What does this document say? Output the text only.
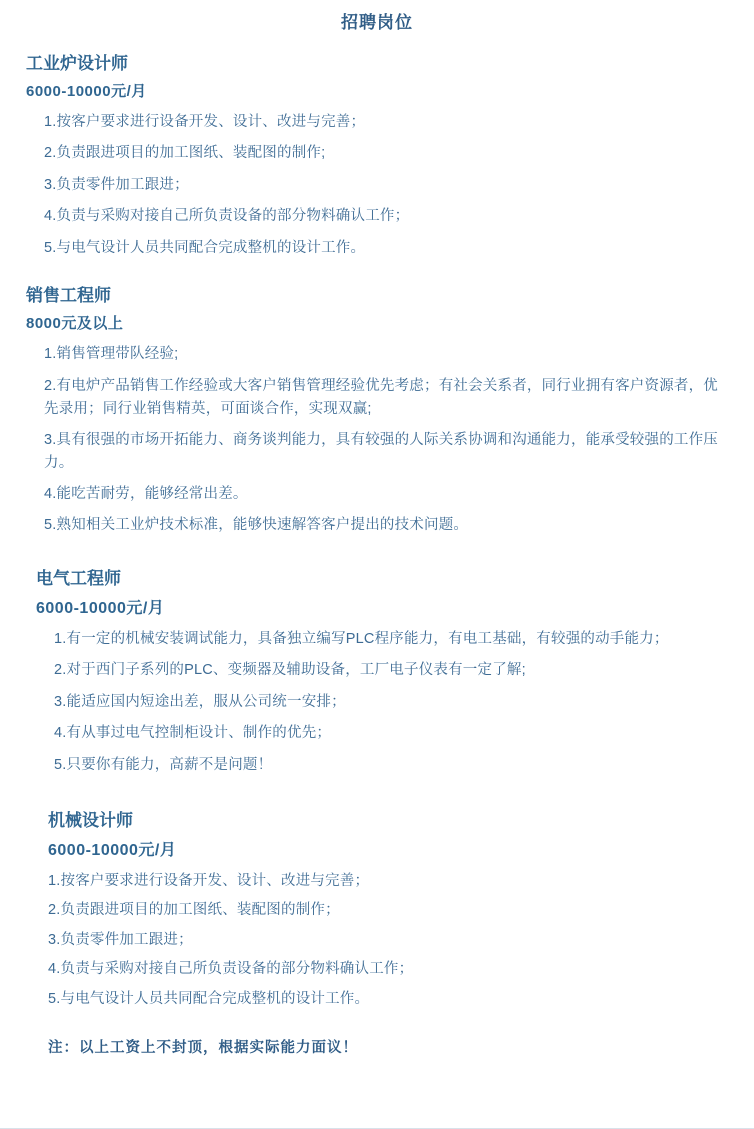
招聘岗位
工业炉设计师
6000-10000元/月
1.按客户要求进行设备开发、设计、改进与完善；
2.负责跟进项目的加工图纸、装配图的制作;
3.负责零件加工跟进；
4.负责与采购对接自己所负责设备的部分物料确认工作；
5.与电气设计人员共同配合完成整机的设计工作。
销售工程师
8000元及以上
1.销售管理带队经验;
2.有电炉产品销售工作经验或大客户销售管理经验优先考虑；有社会关系者，同行业拥有客户资源者，优先录用；同行业销售精英，可面谈合作，实现双赢;
3.具有很强的市场开拓能力、商务谈判能力，具有较强的人际关系协调和沟通能力，能承受较强的工作压力。
4.能吃苦耐劳，能够经常出差。
5.熟知相关工业炉技术标准，能够快速解答客户提出的技术问题。
电气工程师
6000-10000元/月
1.有一定的机械安装调试能力，具备独立编写PLC程序能力，有电工基础，有较强的动手能力；
2.对于西门子系列的PLC、变频器及辅助设备，工厂电子仪表有一定了解;
3.能适应国内短途出差，服从公司统一安排；
4.有从事过电气控制柜设计、制作的优先；
5.只要你有能力，高薪不是问题！
机械设计师
6000-10000元/月
1.按客户要求进行设备开发、设计、改进与完善；
2.负责跟进项目的加工图纸、装配图的制作；
3.负责零件加工跟进；
4.负责与采购对接自己所负责设备的部分物料确认工作；
5.与电气设计人员共同配合完成整机的设计工作。
注：以上工资上不封顶，根据实际能力面议！
